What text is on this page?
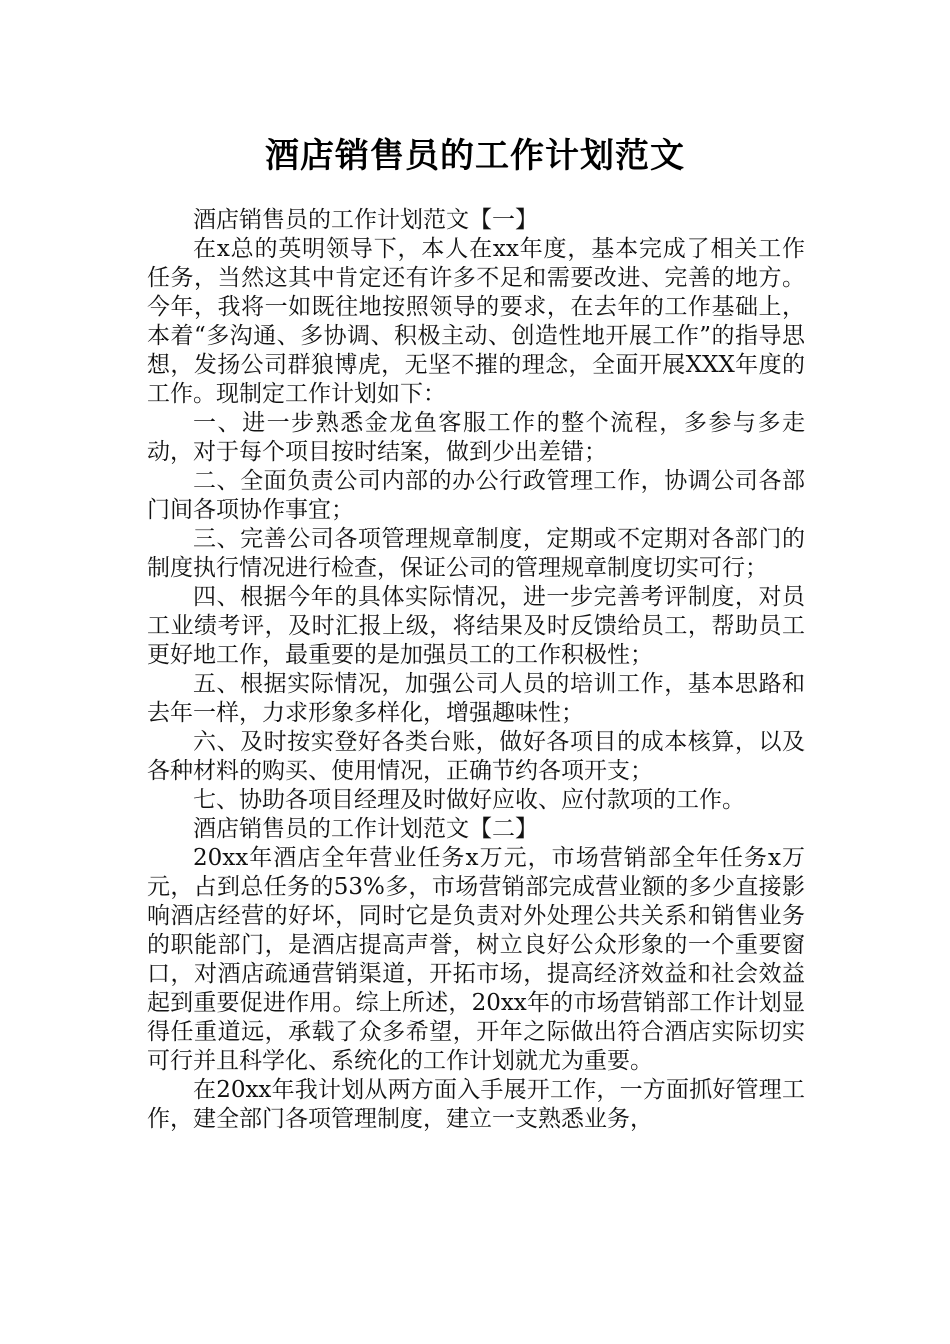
酒店销售员的工作计划范文

酒店销售员的工作计划范文【一】

在x总的英明领导下，本人在xx年度，基本完成了相关工作任务，当然这其中肯定还有许多不足和需要改进、完善的地方。今年，我将一如既往地按照领导的要求，在去年的工作基础上，本着“多沟通、多协调、积极主动、创造性地开展工作”的指导思想，发扬公司群狼博虎，无坚不摧的理念，全面开展XXX年度的工作。现制定工作计划如下：

一、进一步熟悉金龙鱼客服工作的整个流程，多参与多走动，对于每个项目按时结案，做到少出差错；

二、全面负责公司内部的办公行政管理工作，协调公司各部门间各项协作事宜；

三、完善公司各项管理规章制度，定期或不定期对各部门的制度执行情况进行检查，保证公司的管理规章制度切实可行；

四、根据今年的具体实际情况，进一步完善考评制度，对员工业绩考评，及时汇报上级，将结果及时反馈给员工，帮助员工更好地工作，最重要的是加强员工的工作积极性；

五、根据实际情况，加强公司人员的培训工作，基本思路和去年一样，力求形象多样化，增强趣味性；

六、及时按实登好各类台账，做好各项目的成本核算，以及各种材料的购买、使用情况，正确节约各项开支；

七、协助各项目经理及时做好应收、应付款项的工作。

酒店销售员的工作计划范文【二】

20xx年酒店全年营业任务x万元，市场营销部全年任务x万元，占到总任务的53%多，市场营销部完成营业额的多少直接影响酒店经营的好坏，同时它是负责对外处理公共关系和销售业务的职能部门，是酒店提高声誉，树立良好公众形象的一个重要窗口，对酒店疏通营销渠道，开拓市场，提高经济效益和社会效益起到重要促进作用。综上所述，20xx年的市场营销部工作计划显得任重道远，承载了众多希望，开年之际做出符合酒店实际切实可行并且科学化、系统化的工作计划就尤为重要。

在20xx年我计划从两方面入手展开工作，一方面抓好管理工作，建全部门各项管理制度，建立一支熟悉业务，
